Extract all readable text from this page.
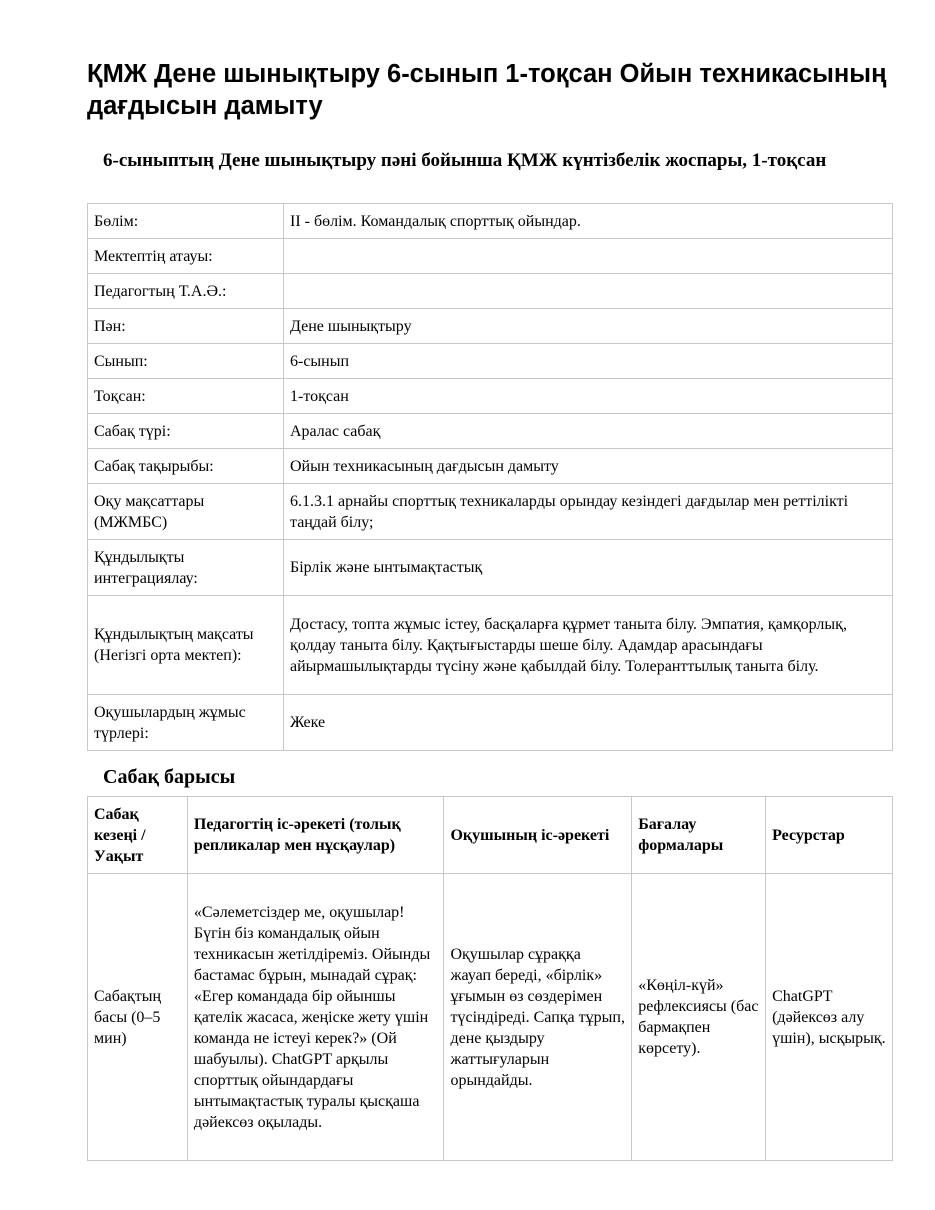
ҚМЖ Дене шынықтыру 6-сынып 1-тоқсан Ойын техникасының дағдысын дамыту
6-сыныптың Дене шынықтыру пәні бойынша ҚМЖ күнтізбелік жоспары, 1-тоқсан
Бөлім:	II - бөлім. Командалық спорттық ойындар.
Мектептің атауы:	
Педагогтың Т.А.Ә.:	
Пән:	Дене шынықтыру
Сынып:	6-сынып
Тоқсан:	1-тоқсан
Сабақ түрі:	Аралас сабақ
Сабақ тақырыбы:	Ойын техникасының дағдысын дамыту
Оқу мақсаттары (МЖМБС)	6.1.3.1 арнайы спорттық техникаларды орындау кезіндегі дағдылар мен реттілікті таңдай білу;
Құндылықты интеграциялау:	Бірлік және ынтымақтастық
Құндылықтың мақсаты (Негізгі орта мектеп):	Достасу, топта жұмыс істеу, басқаларға құрмет таныта білу. Эмпатия, қамқорлық, қолдау таныта білу. Қақтығыстарды шеше білу. Адамдар арасындағы айырмашылықтарды түсіну және қабылдай білу. Толеранттылық таныта білу.
Оқушылардың жұмыс түрлері:	Жеке
Сабақ барысы
Сабақ кезеңі / Уақыт	Педагогтің іс-әрекеті (толық репликалар мен нұсқаулар)	Оқушының іс-әрекеті	Бағалау формалары	Ресурстар
Сабақтың басы (0–5 мин)	«Сәлеметсіздер ме, оқушылар! Бүгін біз командалық ойын техникасын жетілдіреміз. Ойынды бастамас бұрын, мынадай сұрақ: «Егер командада бір ойыншы қателік жасаса, жеңіске жету үшін команда не істеуі керек?» (Ой шабуылы). ChatGPT арқылы спорттық ойындардағы ынтымақтастық туралы қысқаша дәйексөз оқылады.	Оқушылар сұраққа жауап береді, «бірлік» ұғымын өз сөздерімен түсіндіреді. Сапқа тұрып, дене қыздыру жаттығуларын орындайды.	«Көңіл-күй» рефлексиясы (бас бармақпен көрсету).	ChatGPT (дәйексөз алу үшін), ысқырық.
